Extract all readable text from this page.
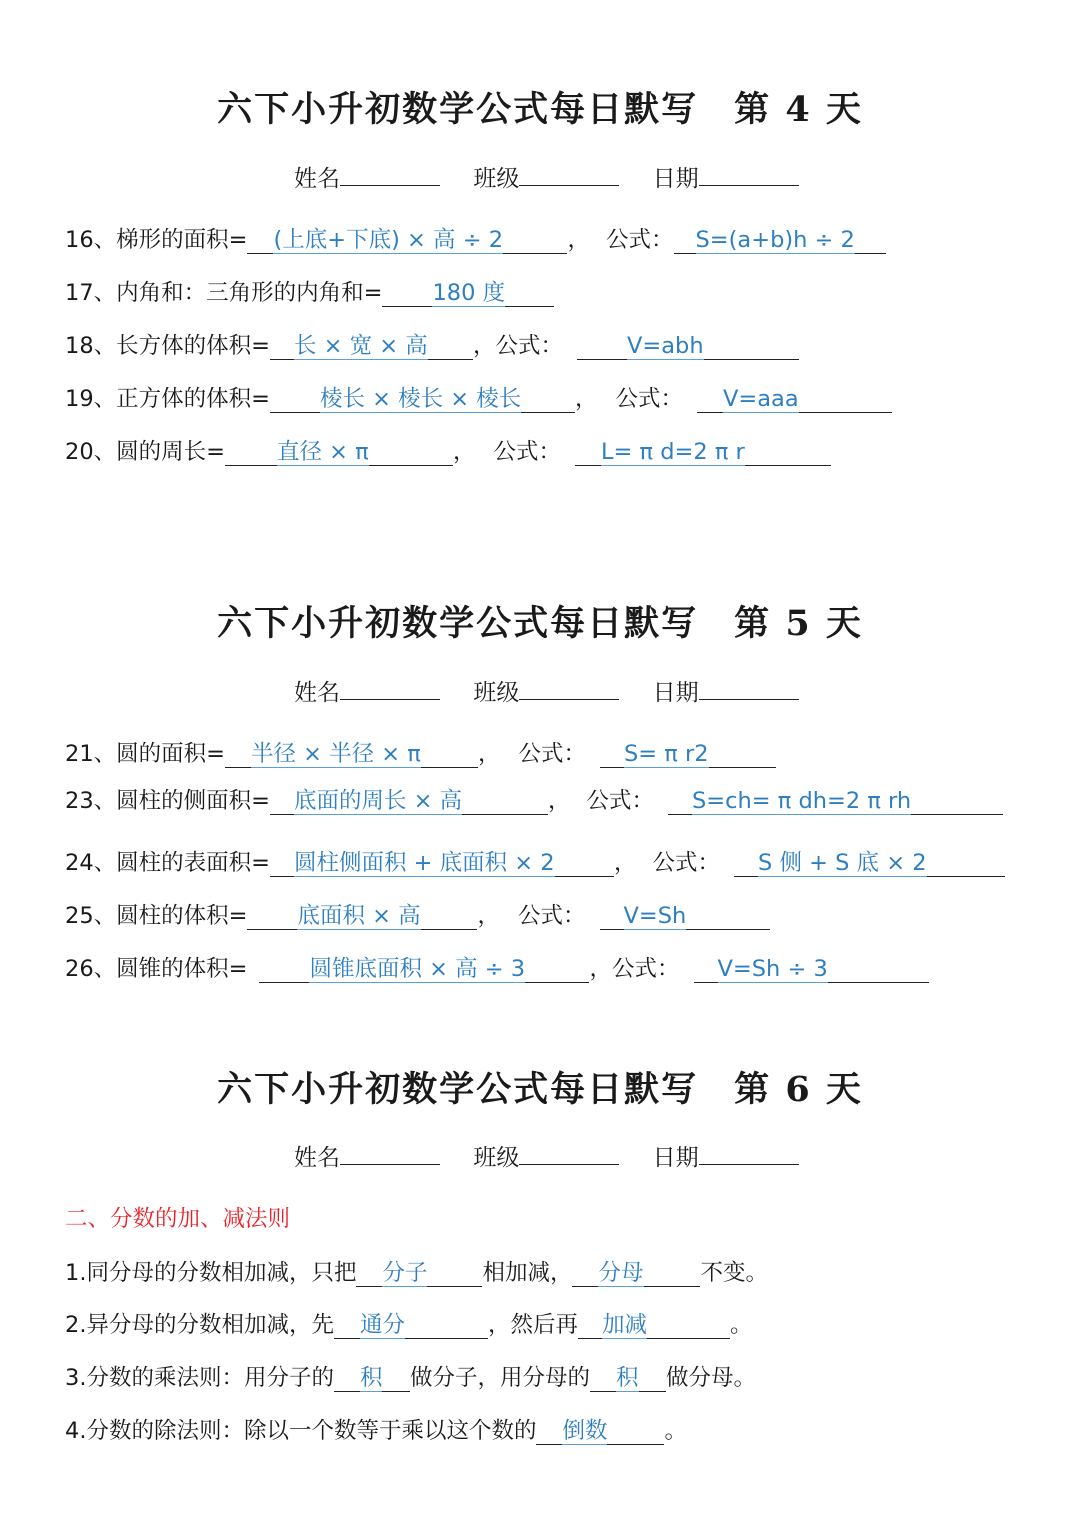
六下小升初数学公式每日默写 第 4 天
姓名	班级	日期
16、梯形的面积= (上底+下底) × 高 ÷ 2	， 公式： S=(a+b)h ÷ 2
17、内角和：三角形的内角和= 180 度
18、长方体的体积= 长 × 宽 × 高 ，公式：	V=abh
19、正方体的体积= 棱长 × 棱长 × 棱长 ， 公式： V=aaa
20、圆的周长= 直径 × π	， 公式： L= π d=2 π r
六下小升初数学公式每日默写 第 5 天
姓名	班级	日期
21、圆的面积= 半径 × 半径 × π	， 公式： S= π r2
23、圆柱的侧面积= 底面的周长 × 高	， 公式： S=ch= π dh=2 π rh
24、圆柱的表面积= 圆柱侧面积 + 底面积 × 2	， 公式： S 侧 + S 底 × 2
25、圆柱的体积= 底面积 × 高	， 公式： V=Sh
26、圆锥的体积=	圆锥底面积 × 高 ÷ 3	，公式： V=Sh ÷ 3
六下小升初数学公式每日默写 第 6 天
姓名	班级	日期
二、分数的加、减法则
1.同分母的分数相加减，只把 分子 相加减， 分母	不变。
2.异分母的分数相加减，先 通分	，然后再 加减	。
3.分数的乘法则：用分子的 积 做分子，用分母的 积 做分母。
4.分数的除法则：除以一个数等于乘以这个数的 倒数	。
